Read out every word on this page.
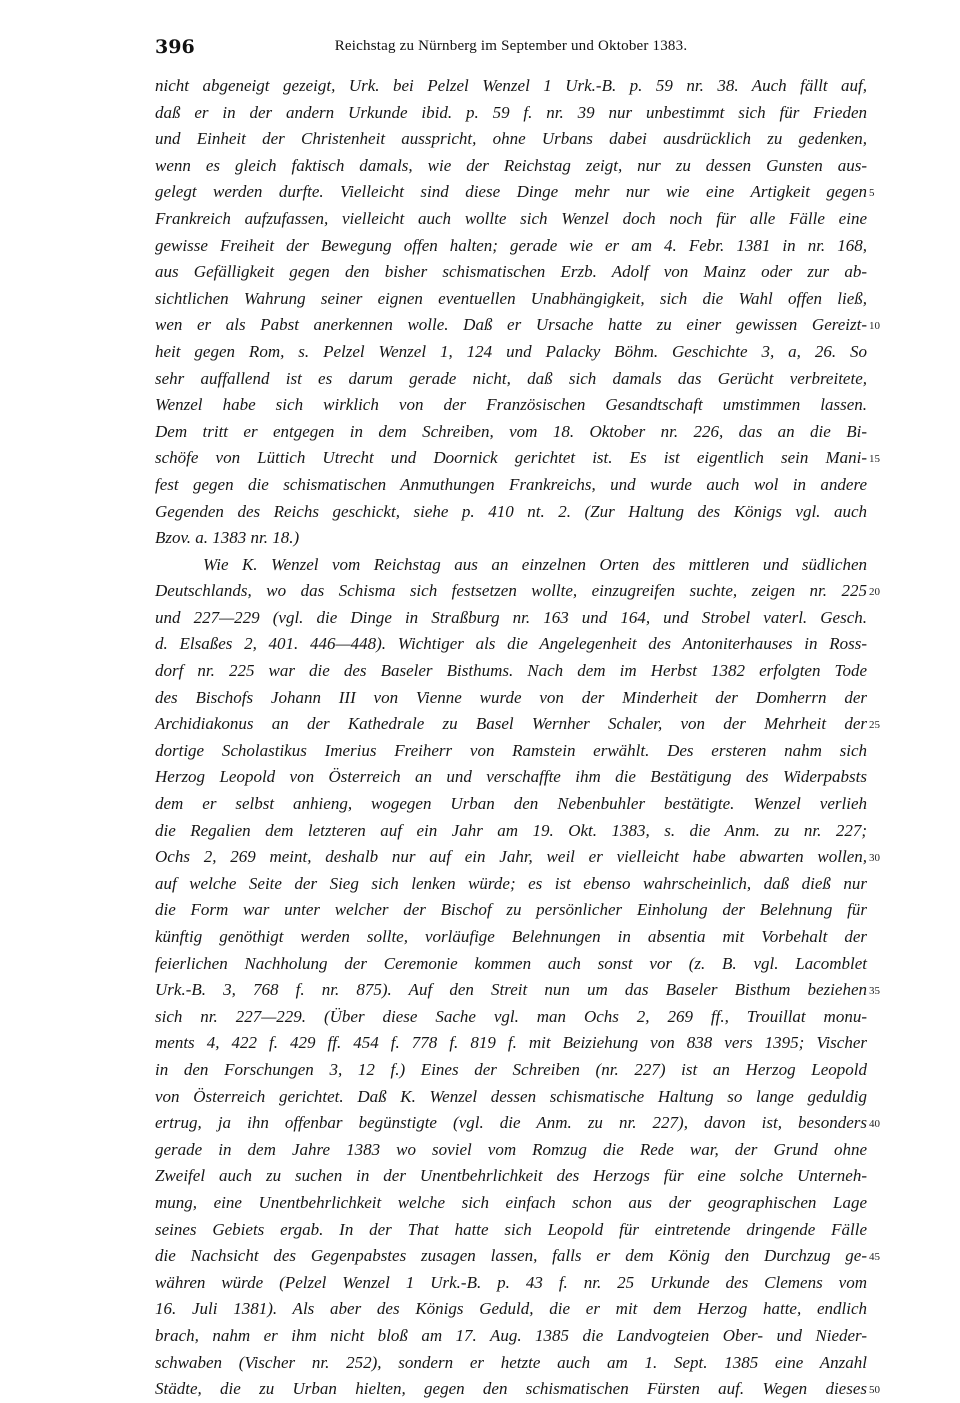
396	Reichstag zu Nürnberg im September und Oktober 1383.
nicht abgeneigt gezeigt, Urk. bei Pelzel Wenzel 1 Urk.-B. p. 59 nr. 38. Auch fällt auf,
daß er in der andern Urkunde ibid. p. 59 f. nr. 39 nur unbestimmt sich für Frieden
und Einheit der Christenheit ausspricht, ohne Urbans dabei ausdrücklich zu gedenken,
wenn es gleich faktisch damals, wie der Reichstag zeigt, nur zu dessen Gunsten aus-
gelegt werden durfte. Vielleicht sind diese Dinge mehr nur wie eine Artigkeit gegen
Frankreich aufzufassen, vielleicht auch wollte sich Wenzel doch noch für alle Fälle eine
gewisse Freiheit der Bewegung offen halten; gerade wie er am 4. Febr. 1381 in nr. 168,
aus Gefälligkeit gegen den bisher schismatischen Erzb. Adolf von Mainz oder zur ab-
sichtlichen Wahrung seiner eignen eventuellen Unabhängigkeit, sich die Wahl offen ließ,
wen er als Pabst anerkennen wolle. Daß er Ursache hatte zu einer gewissen Gereizt-
heit gegen Rom, s. Pelzel Wenzel 1, 124 und Palacky Böhm. Geschichte 3, a, 26. So
sehr auffallend ist es darum gerade nicht, daß sich damals das Gerücht verbreitete,
Wenzel habe sich wirklich von der Französischen Gesandtschaft umstimmen lassen.
Dem tritt er entgegen in dem Schreiben, vom 18. Oktober nr. 226, das an die Bi-
schöfe von Lüttich Utrecht und Doornick gerichtet ist. Es ist eigentlich sein Mani-
fest gegen die schismatischen Anmuthungen Frankreichs, und wurde auch wol in andere
Gegenden des Reichs geschickt, siehe p. 410 nt. 2. (Zur Haltung des Königs vgl. auch
Bzov. a. 1383 nr. 18.)
Wie K. Wenzel vom Reichstag aus an einzelnen Orten des mittleren und südlichen
Deutschlands, wo das Schisma sich festsetzen wollte, einzugreifen suchte, zeigen nr. 225
und 227—229 (vgl. die Dinge in Straßburg nr. 163 und 164, und Strobel vaterl. Gesch.
d. Elsaßes 2, 401. 446—448). Wichtiger als die Angelegenheit des Antoniterhauses in Ross-
dorf nr. 225 war die des Baseler Bisthums. Nach dem im Herbst 1382 erfolgten Tode
des Bischofs Johann III von Vienne wurde von der Minderheit der Domherrn der
Archidiakonus an der Kathedrale zu Basel Wernher Schaler, von der Mehrheit der
dortige Scholastikus Imerius Freiherr von Ramstein erwählt. Des ersteren nahm sich
Herzog Leopold von Österreich an und verschaffte ihm die Bestätigung des Widerpabsts
dem er selbst anhieng, wogegen Urban den Nebenbuhler bestätigte. Wenzel verlieh
die Regalien dem letzteren auf ein Jahr am 19. Okt. 1383, s. die Anm. zu nr. 227;
Ochs 2, 269 meint, deshalb nur auf ein Jahr, weil er vielleicht habe abwarten wollen,
auf welche Seite der Sieg sich lenken würde; es ist ebenso wahrscheinlich, daß dieß nur
die Form war unter welcher der Bischof zu persönlicher Einholung der Belehnung für
künftig genöthigt werden sollte, vorläufige Belehnungen in absentia mit Vorbehalt der
feierlichen Nachholung der Ceremonie kommen auch sonst vor (z. B. vgl. Lacomblet
Urk.-B. 3, 768 f. nr. 875). Auf den Streit nun um das Baseler Bisthum beziehen
sich nr. 227—229. (Über diese Sache vgl. man Ochs 2, 269 ff., Trouillat monu-
ments 4, 422 f. 429 ff. 454 f. 778 f. 819 f. mit Beiziehung von 838 vers 1395; Vischer
in den Forschungen 3, 12 f.) Eines der Schreiben (nr. 227) ist an Herzog Leopold
von Österreich gerichtet. Daß K. Wenzel dessen schismatische Haltung so lange geduldig
ertrug, ja ihn offenbar begünstigte (vgl. die Anm. zu nr. 227), davon ist, besonders
gerade in dem Jahre 1383 wo soviel vom Romzug die Rede war, der Grund ohne
Zweifel auch zu suchen in der Unentbehrlichkeit des Herzogs für eine solche Unterneh-
mung, eine Unentbehrlichkeit welche sich einfach schon aus der geographischen Lage
seines Gebiets ergab. In der That hatte sich Leopold für eintretende dringende Fälle
die Nachsicht des Gegenpabstes zusagen lassen, falls er dem König den Durchzug ge-
währen würde (Pelzel Wenzel 1 Urk.-B. p. 43 f. nr. 25 Urkunde des Clemens vom
16. Juli 1381). Als aber des Königs Geduld, die er mit dem Herzog hatte, endlich
brach, nahm er ihm nicht bloß am 17. Aug. 1385 die Landvogteien Ober- und Nieder-
schwaben (Vischer nr. 252), sondern er hetzte auch am 1. Sept. 1385 eine Anzahl
Städte, die zu Urban hielten, gegen den schismatischen Fürsten auf. Wegen dieses
5
10
15
20
25
30
35
40
45
50
